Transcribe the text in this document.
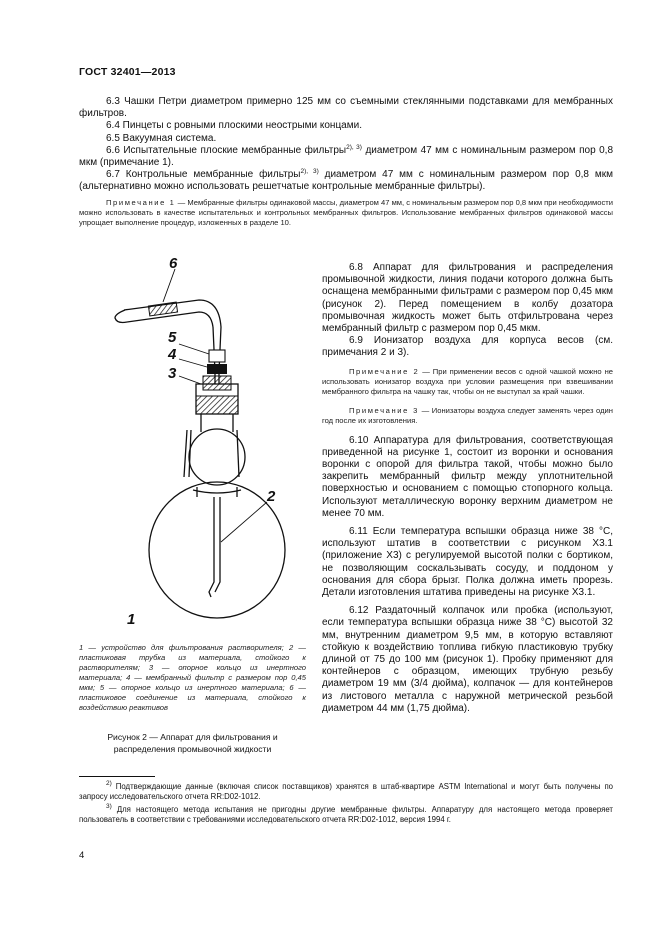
ГОСТ 32401—2013

6.3 Чашки Петри диаметром примерно 125 мм со съемными стеклянными подставками для мембранных фильтров.

6.4 Пинцеты с ровными плоскими неострыми концами.

6.5 Вакуумная система.

6.6 Испытательные плоские мембранные фильтры$^{2), 3)}$ диаметром 47 мм с номинальным размером пор 0,8 мкм (примечание 1).

6.7 Контрольные мембранные фильтры$^{2), 3)}$ диаметром 47 мм с номинальным размером пор 0,8 мкм (альтернативно можно использовать решетчатые контрольные мембранные фильтры).

Примечание 1 — Мембранные фильтры одинаковой массы, диаметром 47 мм, с номинальным размером пор 0,8 мкм при необходимости можно использовать в качестве испытательных и контрольных мембранных фильтров. Использование мембранных фильтров одинаковой массы упрощает выполнение процедур, изложенных в разделе 10.

6
5
4
3
2
1

1 — устройство для фильтрования растворителя; 2 — пластиковая трубка из материала, стойкого к растворителям; 3 — опорное кольцо из инертного материала; 4 — мембранный фильтр с размером пор 0,45 мкм; 5 — опорное кольцо из инертного материала; 6 — пластиковое соединение из материала, стойкого к воздействию реактивов

Рисунок 2 — Аппарат для фильтрования и распределения промывочной жидкости

6.8 Аппарат для фильтрования и распределения промывочной жидкости, линия подачи которого должна быть оснащена мембранными фильтрами с размером пор 0,45 мкм (рисунок 2). Перед помещением в колбу дозатора промывочная жидкость может быть отфильтрована через мембранный фильтр с размером пор 0,45 мкм.

6.9 Ионизатор воздуха для корпуса весов (см. примечания 2 и 3).

Примечание 2 — При применении весов с одной чашкой можно не использовать ионизатор воздуха при условии размещения при взвешивании мембранного фильтра на чашку так, чтобы он не выступал за край чашки.

Примечание 3 — Ионизаторы воздуха следует заменять через один год после их изготовления.

6.10 Аппаратура для фильтрования, соответствующая приведенной на рисунке 1, состоит из воронки и основания воронки с опорой для фильтра такой, чтобы можно было закрепить мембранный фильтр между уплотнительной поверхностью и основанием с помощью стопорного кольца. Используют металлическую воронку верхним диаметром не менее 70 мм.

6.11 Если температура вспышки образца ниже 38 °С, используют штатив в соответствии с рисунком Х3.1 (приложение Х3) с регулируемой высотой полки с бортиком, не позволяющим соскальзывать сосуду, и поддоном у основания для сбора брызг. Полка должна иметь прорезь. Детали изготовления штатива приведены на рисунке Х3.1.

6.12 Раздаточный колпачок или пробка (используют, если температура вспышки образца ниже 38 °С) высотой 32 мм, внутренним диаметром 9,5 мм, в которую вставляют стойкую к воздействию топлива гибкую пластиковую трубку длиной от 75 до 100 мм (рисунок 1). Пробку применяют для контейнеров с образцом, имеющих трубную резьбу диаметром 19 мм (3/4 дюйма), колпачок — для контейнеров из листового металла с наружной метрической резьбой диаметром 44 мм (1,75 дюйма).

$^{2)}$ Подтверждающие данные (включая список поставщиков) хранятся в штаб-квартире ASTM International и могут быть получены по запросу исследовательского отчета RR:D02-1012.

$^{3)}$ Для настоящего метода испытания не пригодны другие мембранные фильтры. Аппаратуру для настоящего метода проверяет пользователь в соответствии с требованиями исследовательского отчета RR:D02-1012, версия 1994 г.

4
